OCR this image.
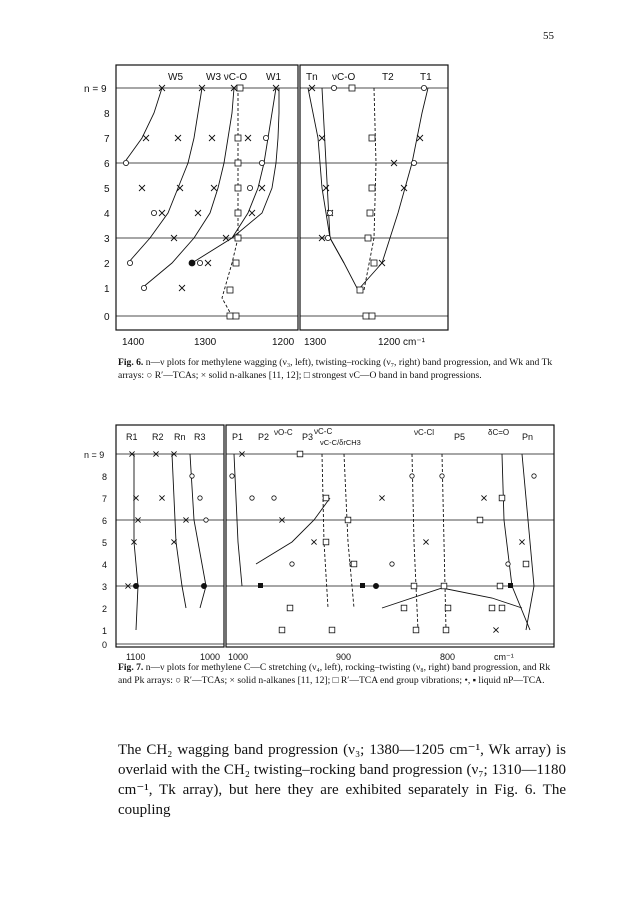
55
n = 9
8
7
6
5
4
3
2
1
0
W5 W3 νC-O W1	Tn νC-O	T2	T1
1400	1300	1200 1300	1200 cm⁻¹
Fig. 6. n—ν plots for methylene wagging (ν₃, left), twisting–rocking (ν₇, right) band progression, and Wk and Tk arrays: ○ R′—TCAs; × solid n-alkanes [11, 12]; □ strongest νC—O band in band progressions.
n = 9
8
7
6
5
4
3
2
1
0
R1 R2 Rn R3	P1 P2 νO-C P3
νC-C
νC-C/δrCH3
νC-Cl P5	δC=O Pn
1100	1000 1000	900	800	cm⁻¹
Fig. 7. n—ν plots for methylene C—C stretching (ν₄, left), rocking–twisting (ν₈, right) band progression, and Rk and Pk arrays: ○ R′—TCAs; × solid n-alkanes [11, 12]; □ R′—TCA end group vibrations; •, ▪ liquid nP—TCA.
The CH₂ wagging band progression (ν₃; 1380—1205 cm⁻¹, Wk array) is overlaid with the CH₂ twisting–rocking band progression (ν₇; 1310—1180 cm⁻¹, Tk array), but here they are exhibited separately in Fig. 6. The coupling
